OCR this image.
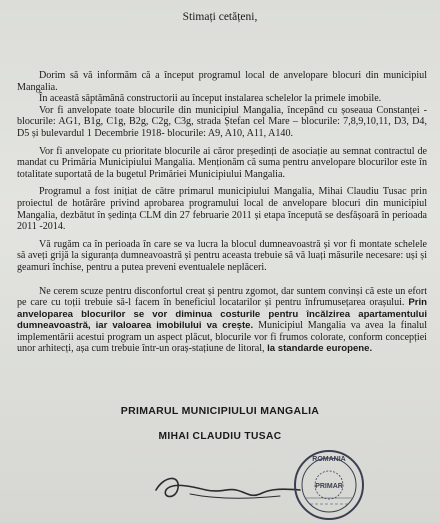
Stimați cetățeni,

Dorim să vă informăm că a început programul local de anvelopare blocuri din municipiul Mangalia.

În această săptămână constructorii au început instalarea schelelor la primele imobile.

Vor fi anvelopate toate blocurile din municipiul Mangalia, începând cu șoseaua Constanței - blocurile: AG1, B1g, C1g, B2g, C2g, C3g, strada Ștefan cel Mare – blocurile: 7,8,9,10,11, D3, D4, D5 și bulevardul 1 Decembrie 1918- blocurile: A9, A10, A11, A140.

Vor fi anvelopate cu prioritate blocurile ai căror președinți de asociație au semnat contractul de mandat cu Primăria Municipiului Mangalia. Menționăm că suma pentru anvelopare blocurilor este în totalitate suportată de la bugetul Primăriei Municipiului Mangalia.

Programul a fost inițiat de către primarul municipiului Mangalia, Mihai Claudiu Tusac prin proiectul de hotărâre privind aprobarea programului local de anvelopare blocuri din municipiul Mangalia, dezbătut în ședința CLM din 27 februarie 2011 și etapa începută se desfășoară în perioada 2011 -2014.

Vă rugăm ca în perioada în care se va lucra la blocul dumneavoastră și vor fi montate schelele să aveți grijă la siguranța dumneavoastră și pentru aceasta trebuie să vă luați măsurile necesare: uși și geamuri închise, pentru a putea preveni eventualele neplăceri.

Ne cerem scuze pentru disconfortul creat și pentru zgomot, dar suntem convinși că este un efort pe care cu toții trebuie să-l facem în beneficiul locatarilor și pentru înfrumusețarea orașului. Prin anveloparea blocurilor se vor diminua costurile pentru încălzirea apartamentului dumneavoastră, iar valoarea imobilului va crește. Municipiul Mangalia va avea la finalul implementării acestui program un aspect plăcut, blocurile vor fi frumos colorate, conform concepției unor arhitecți, așa cum trebuie într-un oraș-stațiune de litoral, la standarde europene.

PRIMARUL MUNICIPIULUI MANGALIA
MIHAI CLAUDIU TUSAC
ROMANIA
PRIMAR
